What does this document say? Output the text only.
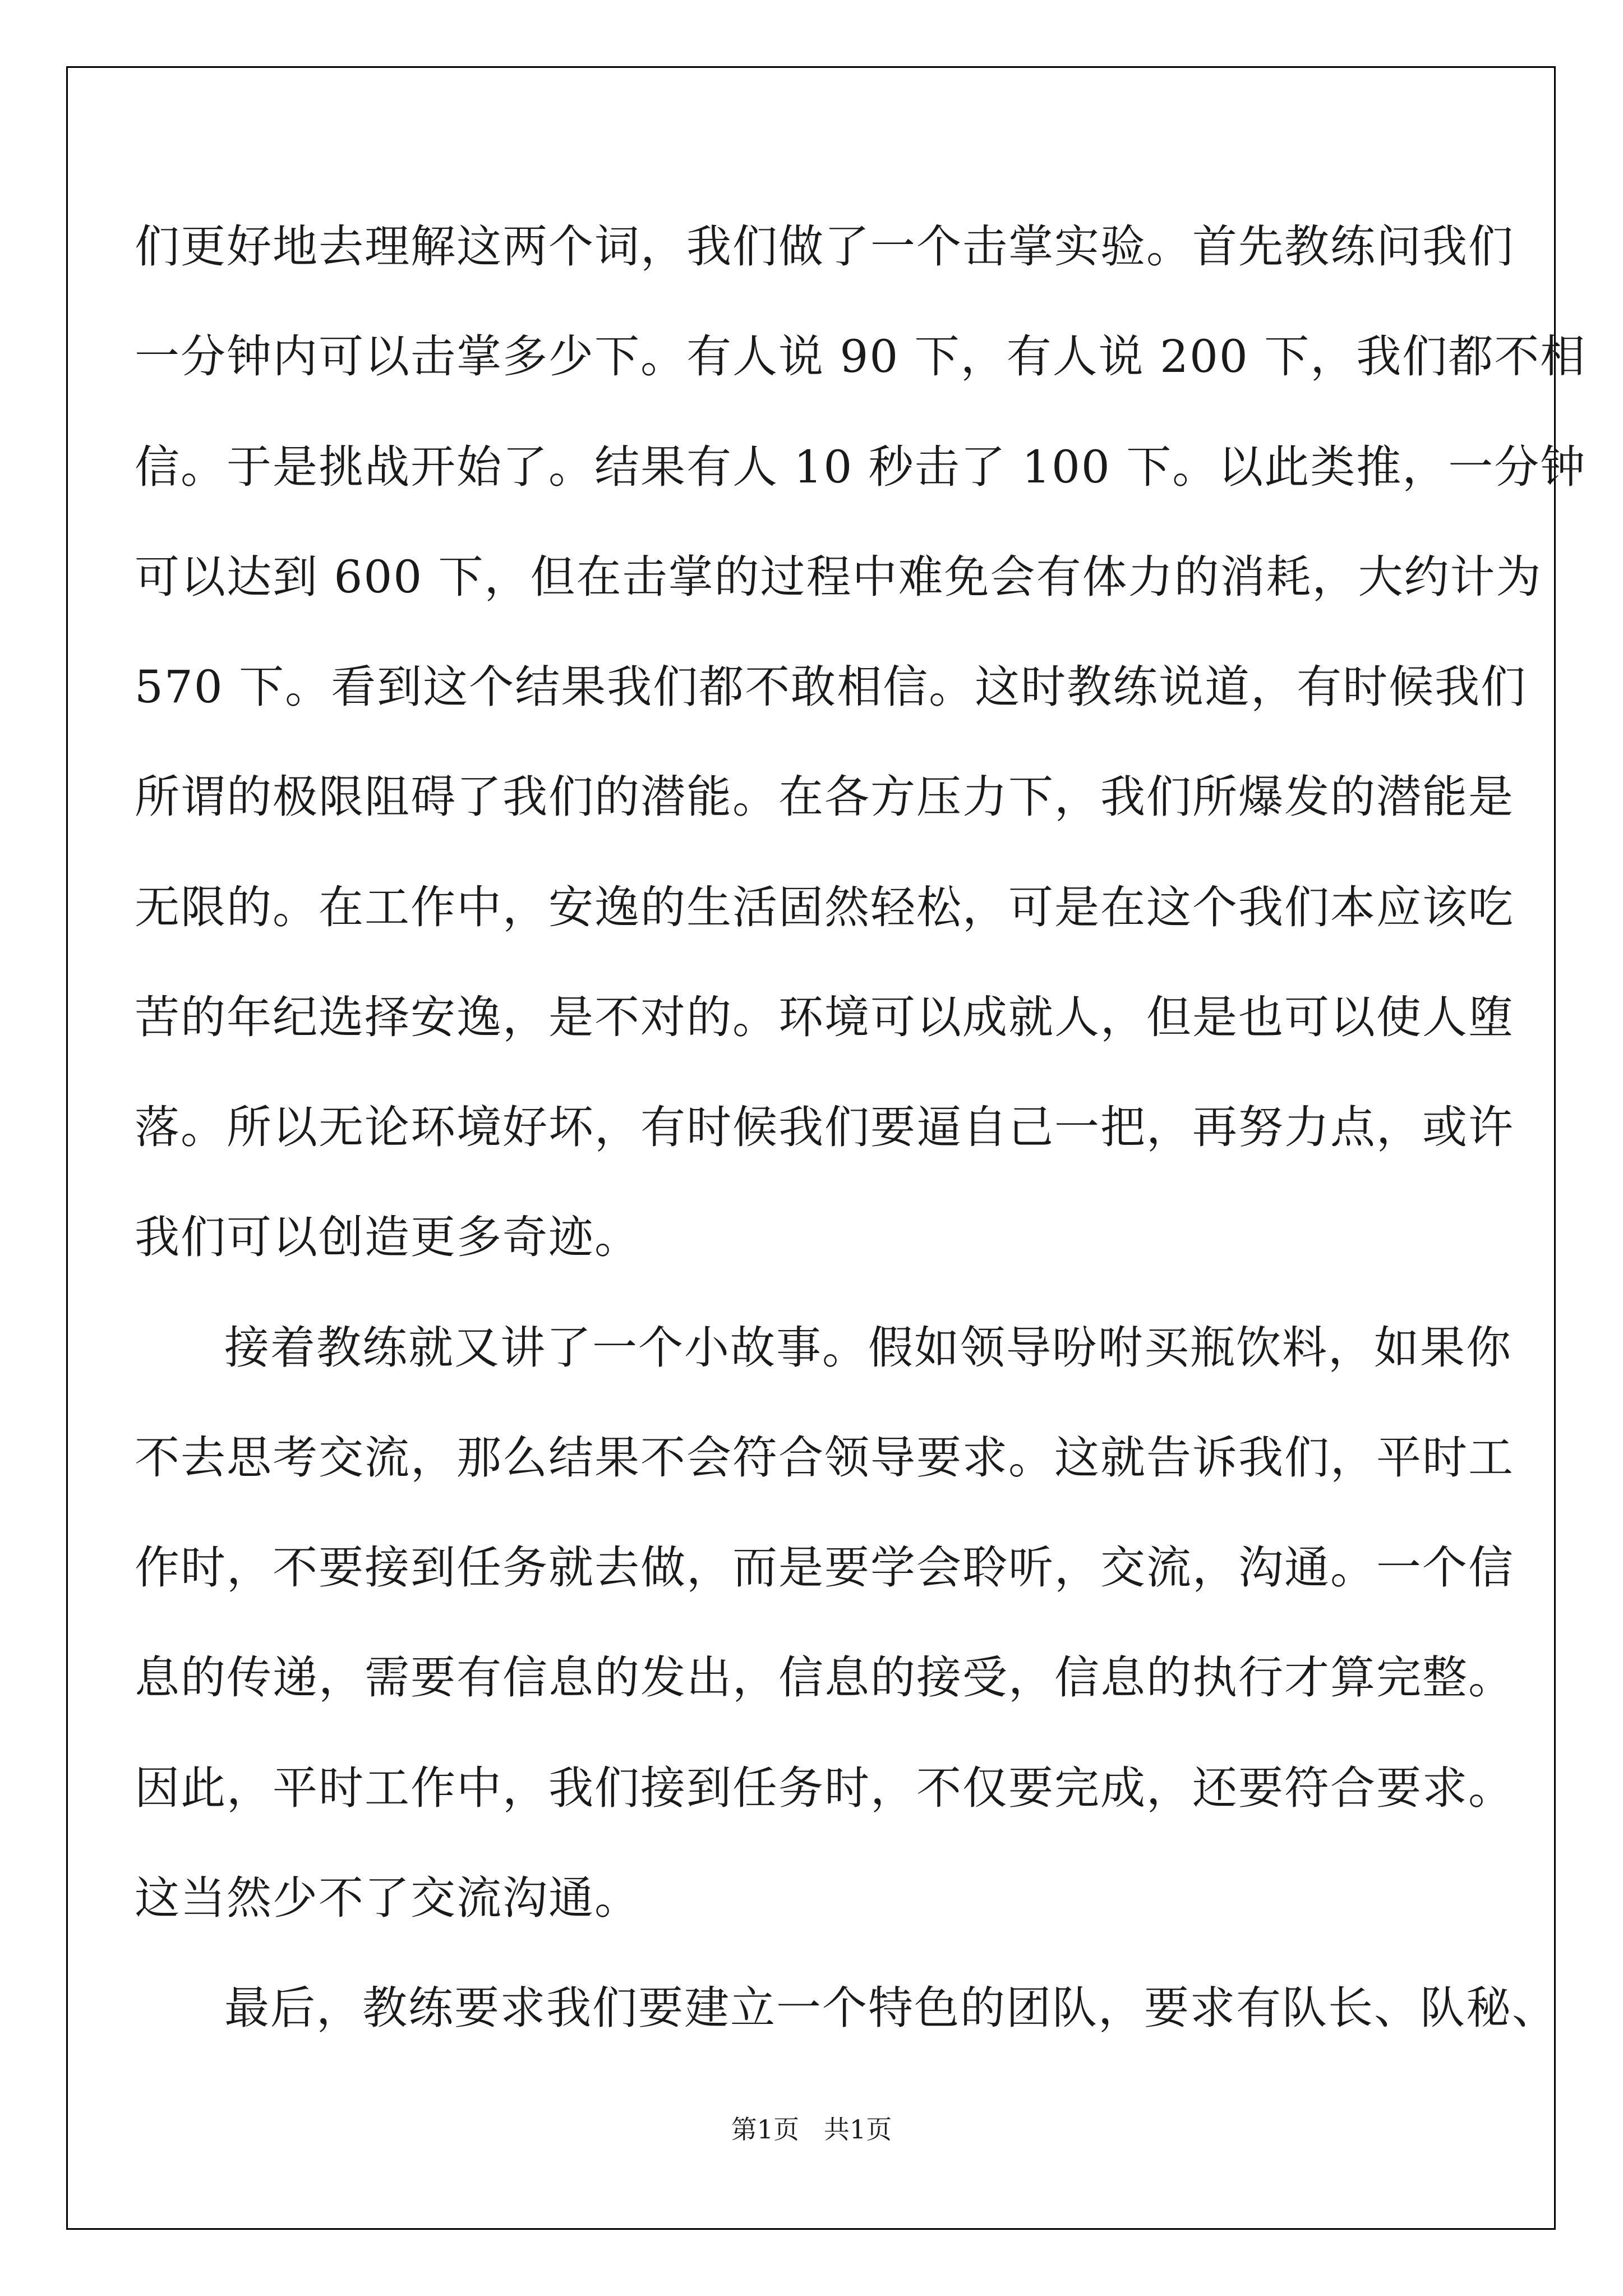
们更好地去理解这两个词，我们做了一个击掌实验。首先教练问我们
一分钟内可以击掌多少下。有人说 90 下，有人说 200 下，我们都不相
信。于是挑战开始了。结果有人 10 秒击了 100 下。以此类推，一分钟
可以达到 600 下，但在击掌的过程中难免会有体力的消耗，大约计为
570 下。看到这个结果我们都不敢相信。这时教练说道，有时候我们
所谓的极限阻碍了我们的潜能。在各方压力下，我们所爆发的潜能是
无限的。在工作中，安逸的生活固然轻松，可是在这个我们本应该吃
苦的年纪选择安逸，是不对的。环境可以成就人，但是也可以使人堕
落。所以无论环境好坏，有时候我们要逼自己一把，再努力点，或许
我们可以创造更多奇迹。
接着教练就又讲了一个小故事。假如领导吩咐买瓶饮料，如果你
不去思考交流，那么结果不会符合领导要求。这就告诉我们，平时工
作时，不要接到任务就去做，而是要学会聆听，交流，沟通。一个信
息的传递，需要有信息的发出，信息的接受，信息的执行才算完整。
因此，平时工作中，我们接到任务时，不仅要完成，还要符合要求。
这当然少不了交流沟通。
最后，教练要求我们要建立一个特色的团队，要求有队长、队秘、
第1页   共1页
